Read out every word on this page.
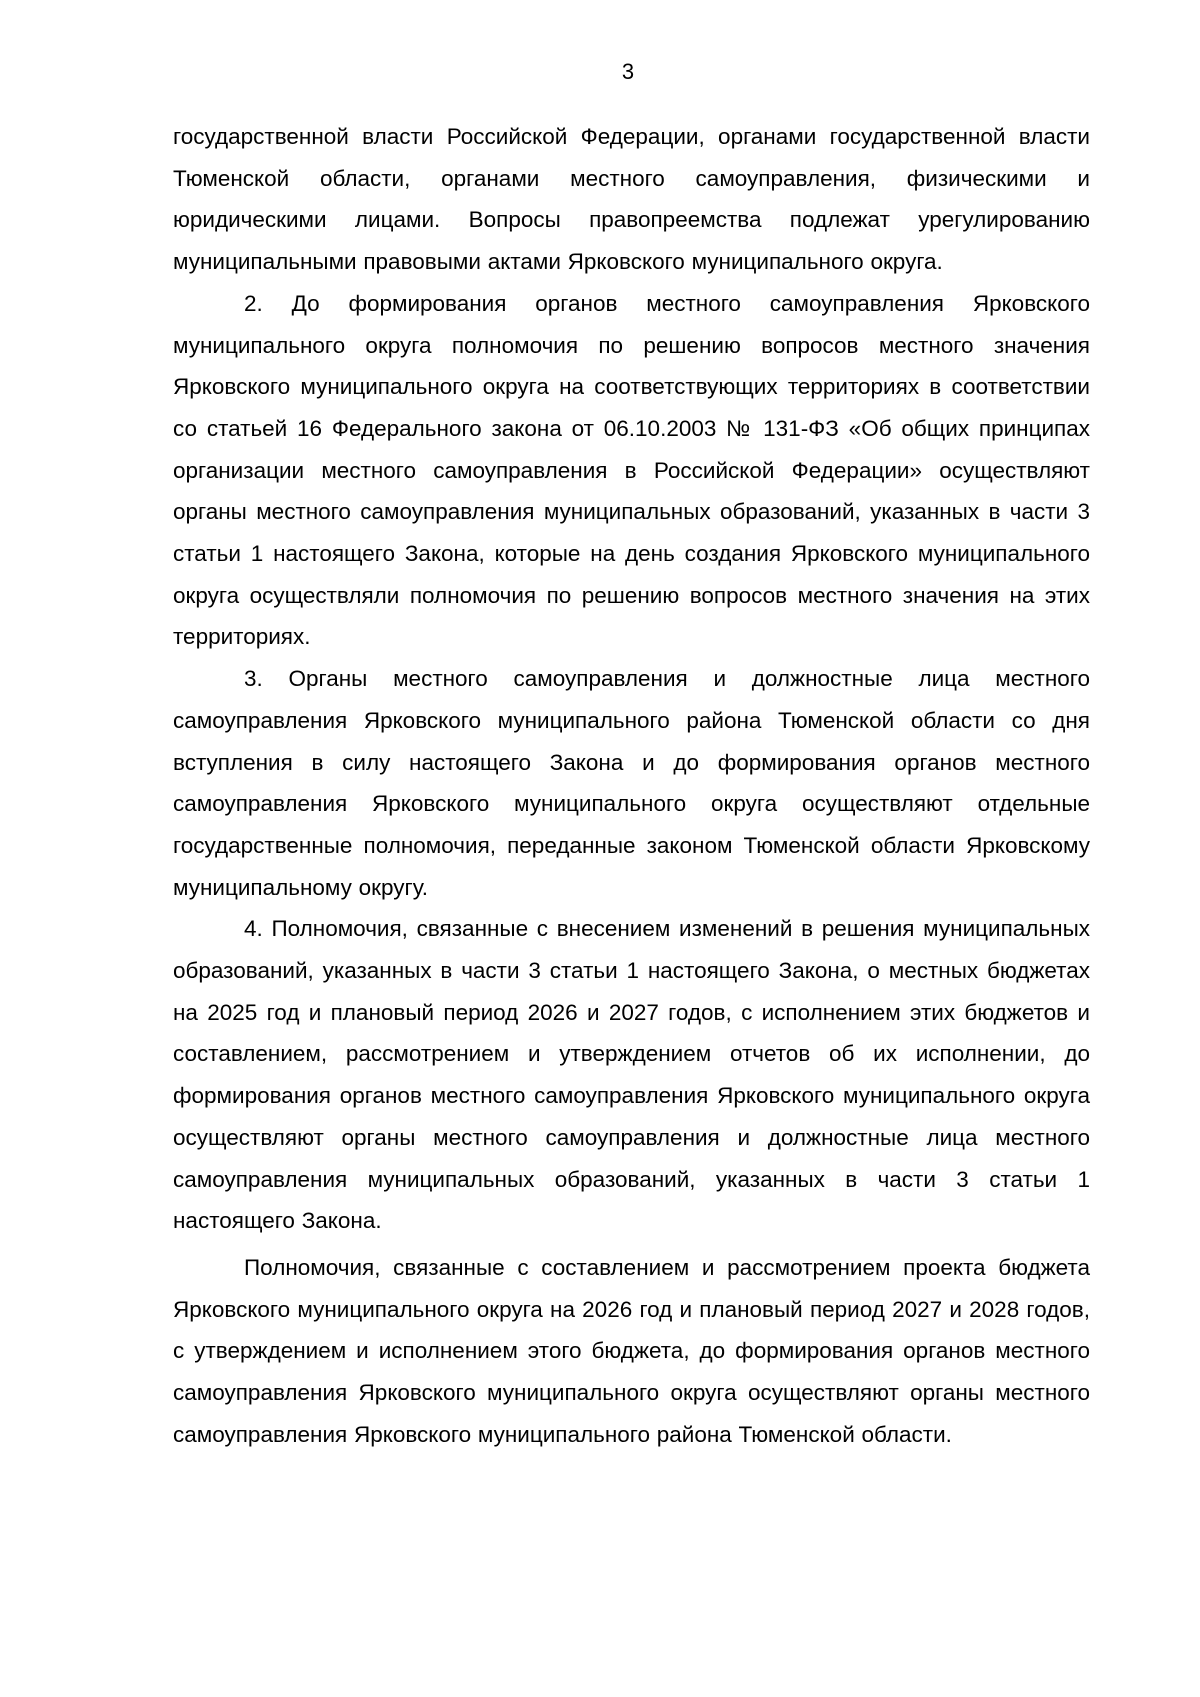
3

государственной власти Российской Федерации, органами государственной власти Тюменской области, органами местного самоуправления, физическими и юридическими лицами. Вопросы правопреемства подлежат урегулированию муниципальными правовыми актами Ярковского муниципального округа.

2. До формирования органов местного самоуправления Ярковского муниципального округа полномочия по решению вопросов местного значения Ярковского муниципального округа на соответствующих территориях в соответствии со статьей 16 Федерального закона от 06.10.2003 № 131-ФЗ «Об общих принципах организации местного самоуправления в Российской Федерации» осуществляют органы местного самоуправления муниципальных образований, указанных в части 3 статьи 1 настоящего Закона, которые на день создания Ярковского муниципального округа осуществляли полномочия по решению вопросов местного значения на этих территориях.

3. Органы местного самоуправления и должностные лица местного самоуправления Ярковского муниципального района Тюменской области со дня вступления в силу настоящего Закона и до формирования органов местного самоуправления Ярковского муниципального округа осуществляют отдельные государственные полномочия, переданные законом Тюменской области Ярковскому муниципальному округу.

4. Полномочия, связанные с внесением изменений в решения муниципальных образований, указанных в части 3 статьи 1 настоящего Закона, о местных бюджетах на 2025 год и плановый период 2026 и 2027 годов, с исполнением этих бюджетов и составлением, рассмотрением и утверждением отчетов об их исполнении, до формирования органов местного самоуправления Ярковского муниципального округа осуществляют органы местного самоуправления и должностные лица местного самоуправления муниципальных образований, указанных в части 3 статьи 1 настоящего Закона.

Полномочия, связанные с составлением и рассмотрением проекта бюджета Ярковского муниципального округа на 2026 год и плановый период 2027 и 2028 годов, с утверждением и исполнением этого бюджета, до формирования органов местного самоуправления Ярковского муниципального округа осуществляют органы местного самоуправления Ярковского муниципального района Тюменской области.
